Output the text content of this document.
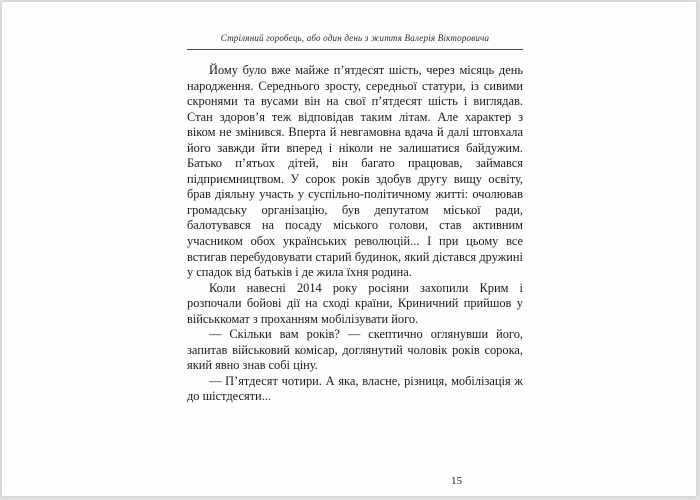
Стріляний горобець, або один день з життя Валерія Вікторовича

Йому було вже майже п’ятдесят шість, через місяць день народження. Середнього зросту, середньої статури, із сивими скронями та вусами він на свої п’ятдесят шість і виглядав. Стан здоров’я теж відповідав таким літам. Але характер з віком не змінився. Вперта й невгамовна вдача й далі штовхала його завжди йти вперед і ніколи не залишатися байдужим. Батько п’ятьох дітей, він багато працював, займався підприємництвом. У сорок років здобув другу вищу освіту, брав діяльну участь у суспільно-політичному житті: очолював громадську організацію, був депутатом міської ради, балотувався на посаду міського голови, став активним учасником обох українських революцій... І при цьому все встигав перебудовувати старий будинок, який дістався дружині у спадок від батьків і де жила їхня родина.

Коли навесні 2014 року росіяни захопили Крим і розпочали бойові дії на сході країни, Криничний прийшов у військкомат з проханням мобілізувати його.

— Скільки вам років? — скептично оглянувши його, запитав військовий комісар, доглянутий чоловік років сорока, який явно знав собі ціну.

— П’ятдесят чотири. А яка, власне, різниця, мобілізація ж до шістдесяти...

15
